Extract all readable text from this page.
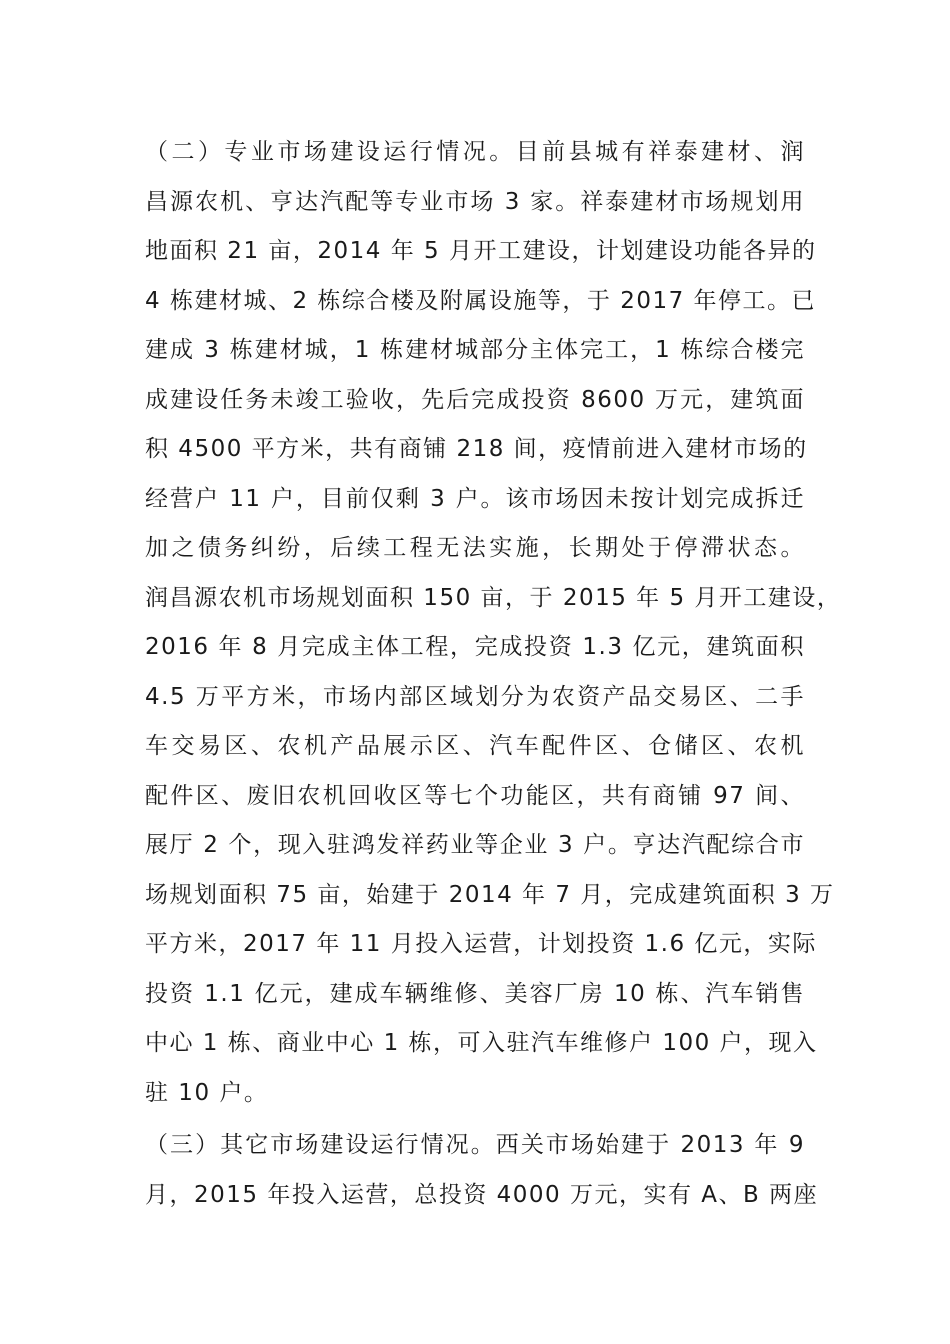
（二）专业市场建设运行情况。目前县城有祥泰建材、润
昌源农机、亨达汽配等专业市场 3 家。祥泰建材市场规划用
地面积 21 亩，2014 年 5 月开工建设，计划建设功能各异的
4 栋建材城、2 栋综合楼及附属设施等，于 2017 年停工。已
建成 3 栋建材城，1 栋建材城部分主体完工，1 栋综合楼完
成建设任务未竣工验收，先后完成投资 8600 万元，建筑面
积 4500 平方米，共有商铺 218 间，疫情前进入建材市场的
经营户 11 户，目前仅剩 3 户。该市场因未按计划完成拆迁
加之债务纠纷，后续工程无法实施，长期处于停滞状态。
润昌源农机市场规划面积 150 亩，于 2015 年 5 月开工建设，
2016 年 8 月完成主体工程，完成投资 1.3 亿元，建筑面积
4.5 万平方米，市场内部区域划分为农资产品交易区、二手
车交易区、农机产品展示区、汽车配件区、仓储区、农机
配件区、废旧农机回收区等七个功能区，共有商铺 97 间、
展厅 2 个，现入驻鸿发祥药业等企业 3 户。亨达汽配综合市
场规划面积 75 亩，始建于 2014 年 7 月，完成建筑面积 3 万
平方米，2017 年 11 月投入运营，计划投资 1.6 亿元，实际
投资 1.1 亿元，建成车辆维修、美容厂房 10 栋、汽车销售
中心 1 栋、商业中心 1 栋，可入驻汽车维修户 100 户，现入
驻 10 户。
（三）其它市场建设运行情况。西关市场始建于 2013 年 9
月，2015 年投入运营，总投资 4000 万元，实有 A、B 两座
